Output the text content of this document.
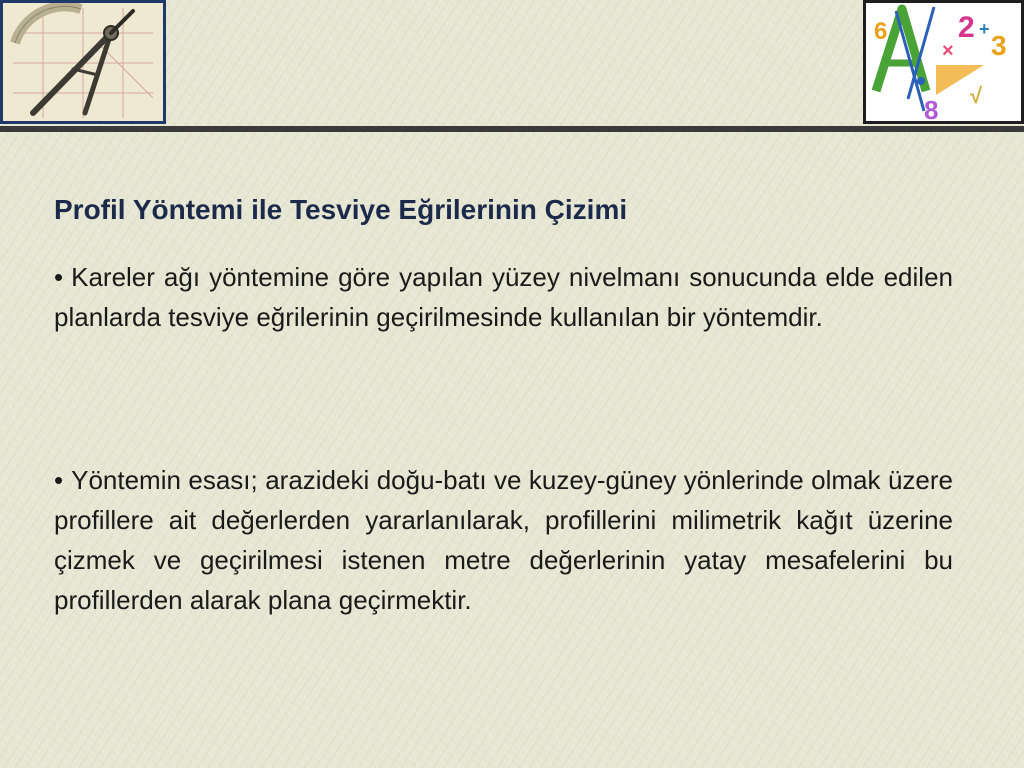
6 2 +
3
×
8 √
Profil Yöntemi ile Tesviye Eğrilerinin Çizimi

• Kareler ağı yöntemine göre yapılan yüzey nivelmanı sonucunda elde edilen planlarda tesviye eğrilerinin geçirilmesinde kullanılan bir yöntemdir.

• Yöntemin esası; arazideki doğu-batı ve kuzey-güney yönlerinde olmak üzere profillere ait değerlerden yararlanılarak, profillerini milimetrik kağıt üzerine çizmek ve geçirilmesi istenen metre değerlerinin yatay mesafelerini bu profillerden alarak plana geçirmektir.
